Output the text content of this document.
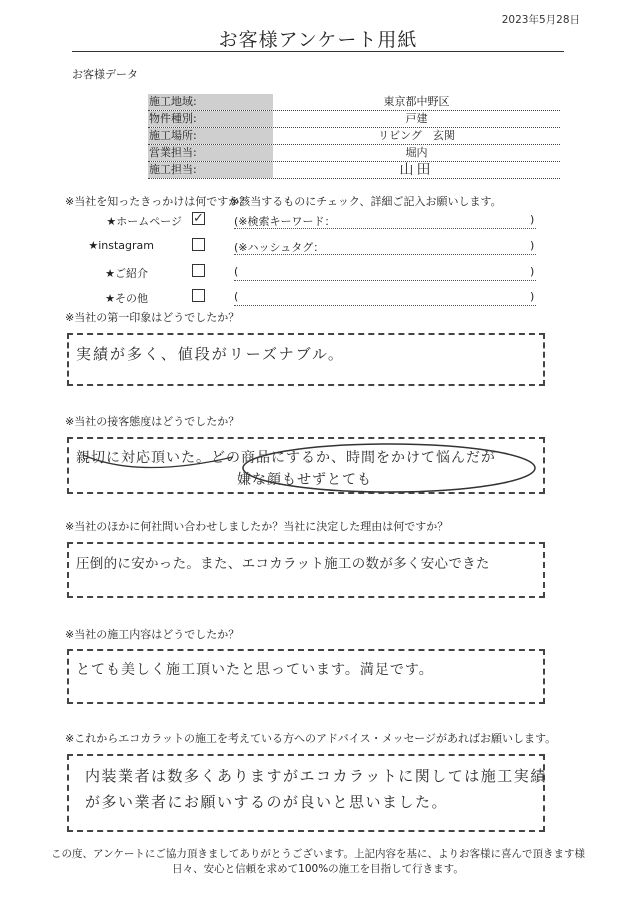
2023年5月28日
お客様アンケート用紙
お客様データ
施工地域:	東京都中野区
物件種別:	戸建
施工場所:	リビング　玄関
営業担当:	堀内
施工担当:	山田
※当社を知ったきっかけは何ですか？
※該当するものにチェック、詳細ご記入お願いします。
★ホームページ ✓	(※検索キーワード：	)
★instagram	(※ハッシュタグ：	)
★ご紹介	(	)
★その他	(	)
※当社の第一印象はどうでしたか？
実績が多く、値段がリーズナブル。
※当社の接客態度はどうでしたか？
親切に対応頂いた。どの商品にするか、時間をかけて悩んだが
嫌な顔もせずとても
※当社のほかに何社問い合わせしましたか？当社に決定した理由は何ですか？
圧倒的に安かった。また、エコカラット施工の数が多く安心できた
※当社の施工内容はどうでしたか？
とても美しく施工頂いたと思っています。満足です。
※これからエコカラットの施工を考えている方へのアドバイス・メッセージがあればお願いします。
内装業者は数多くありますがエコカラットに関しては施工実績
が多い業者にお願いするのが良いと思いました。
この度、アンケートにご協力頂きましてありがとうございます。上記内容を基に、よりお客様に喜んで頂きます様
日々、安心と信頼を求めて100%の施工を目指して行きます。
